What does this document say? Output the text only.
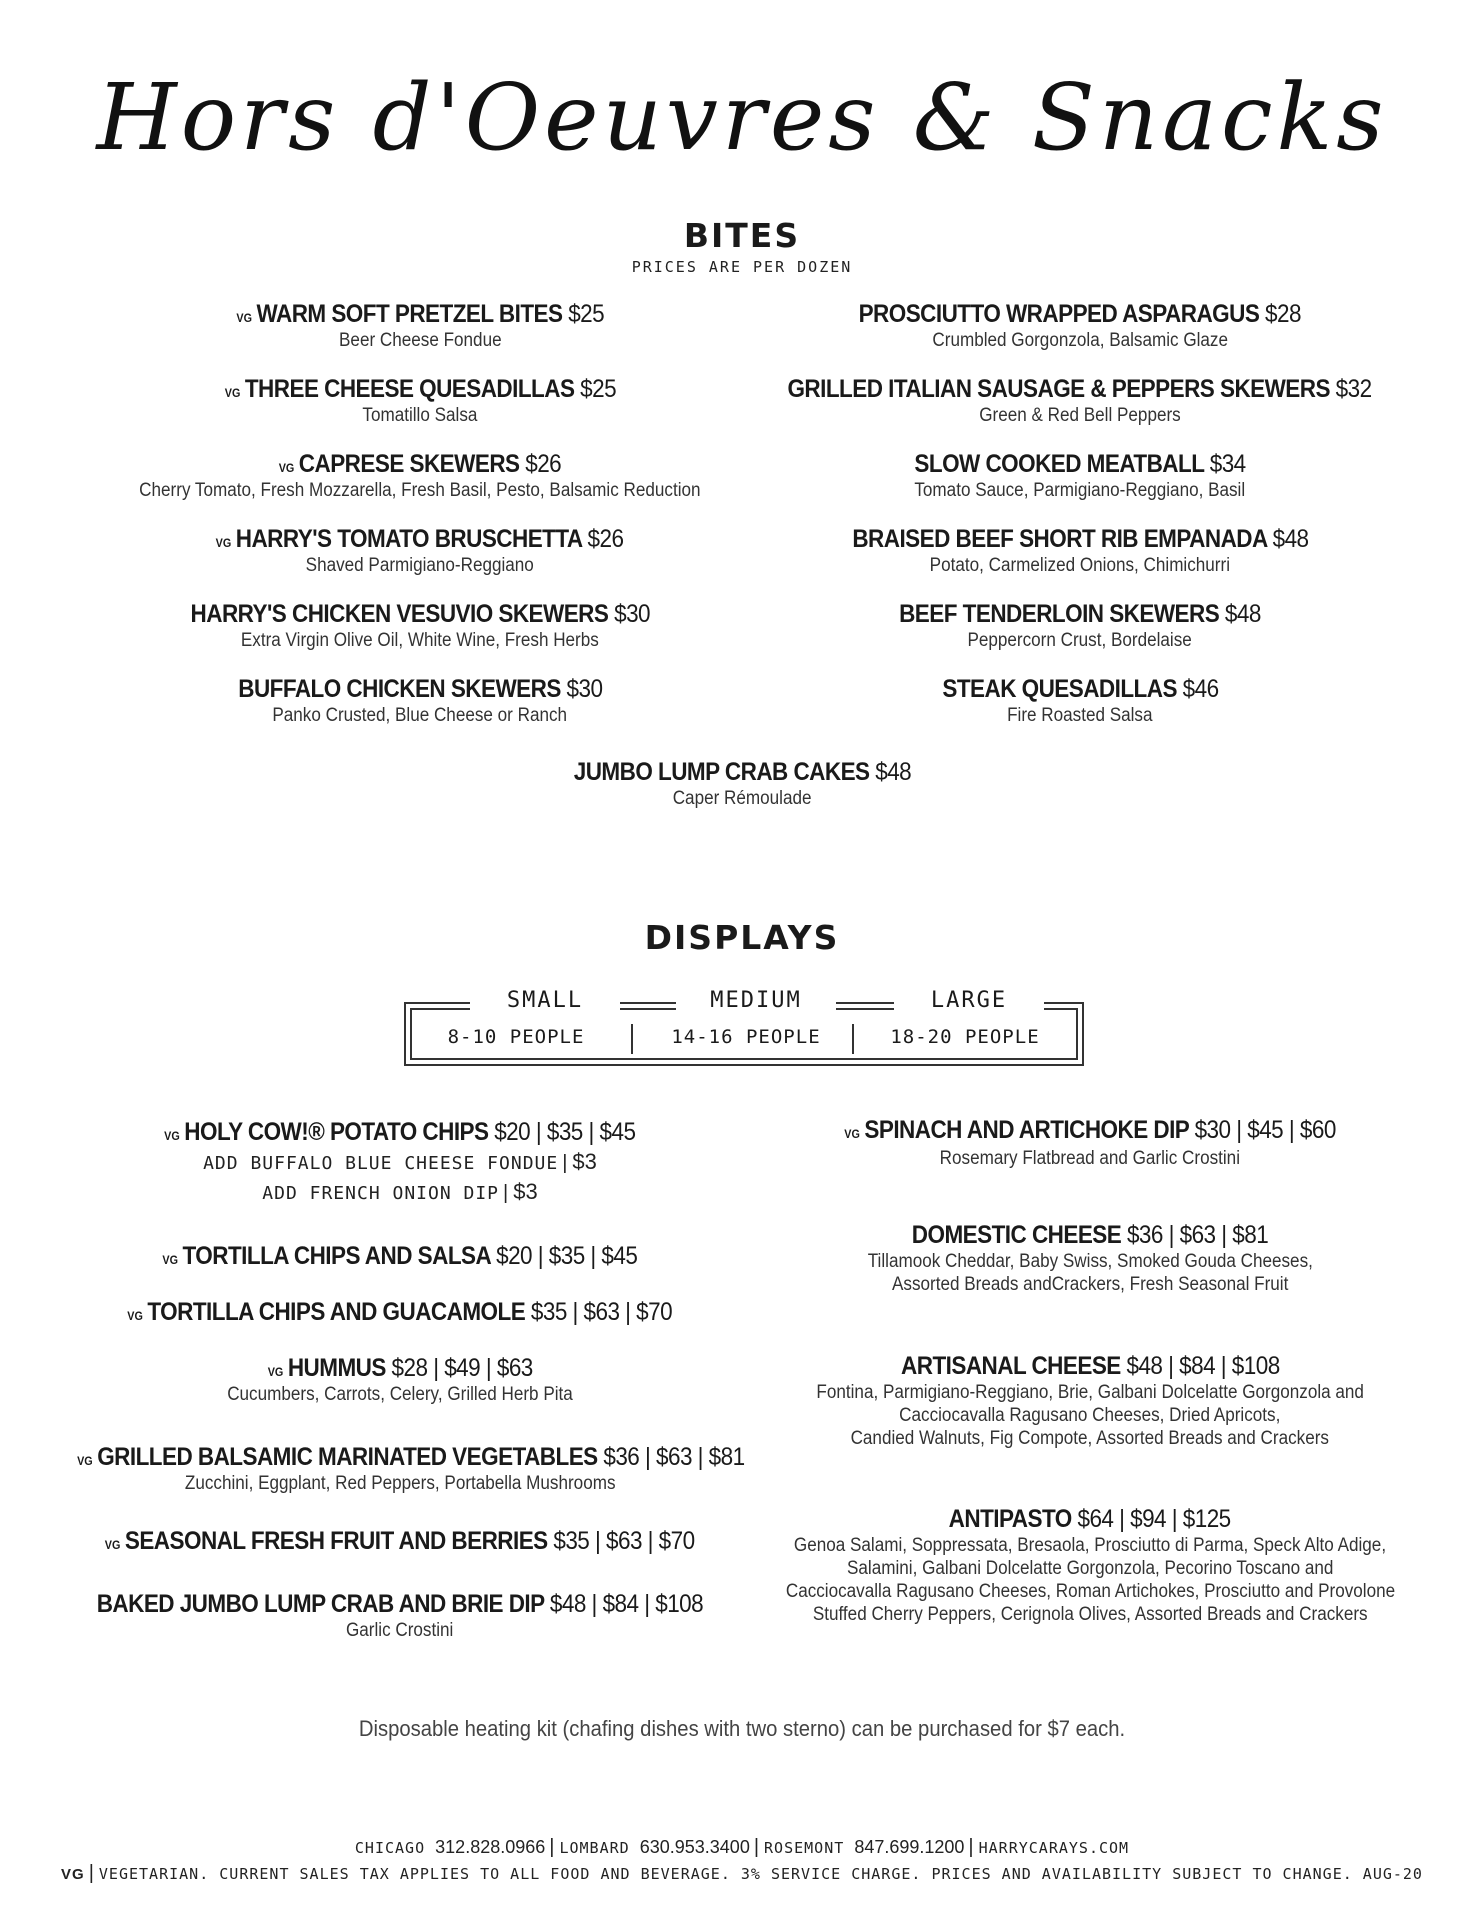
Hors d'Oeuvres & Snacks
BITES
PRICES ARE PER DOZEN
VG WARM SOFT PRETZEL BITES $25
Beer Cheese Fondue
VG THREE CHEESE QUESADILLAS $25
Tomatillo Salsa
VG CAPRESE SKEWERS $26
Cherry Tomato, Fresh Mozzarella, Fresh Basil, Pesto, Balsamic Reduction
VG HARRY'S TOMATO BRUSCHETTA $26
Shaved Parmigiano-Reggiano
HARRY'S CHICKEN VESUVIO SKEWERS $30
Extra Virgin Olive Oil, White Wine, Fresh Herbs
BUFFALO CHICKEN SKEWERS $30
Panko Crusted, Blue Cheese or Ranch
PROSCIUTTO WRAPPED ASPARAGUS $28
Crumbled Gorgonzola, Balsamic Glaze
GRILLED ITALIAN SAUSAGE & PEPPERS SKEWERS $32
Green & Red Bell Peppers
SLOW COOKED MEATBALL $34
Tomato Sauce, Parmigiano-Reggiano, Basil
BRAISED BEEF SHORT RIB EMPANADA $48
Potato, Carmelized Onions, Chimichurri
BEEF TENDERLOIN SKEWERS $48
Peppercorn Crust, Bordelaise
STEAK QUESADILLAS $46
Fire Roasted Salsa
JUMBO LUMP CRAB CAKES $48
Caper Rémoulade
DISPLAYS
SMALL	MEDIUM	LARGE
8-10 PEOPLE	14-16 PEOPLE	18-20 PEOPLE
VG HOLY COW!® POTATO CHIPS $20 | $35 | $45

ADD BUFFALO BLUE CHEESE FONDUE | $3
ADD FRENCH ONION DIP | $3
VG TORTILLA CHIPS AND SALSA $20 | $35 | $45
VG TORTILLA CHIPS AND GUACAMOLE $35 | $63 | $70
VG HUMMUS $28 | $49 | $63
Cucumbers, Carrots, Celery, Grilled Herb Pita
VG GRILLED BALSAMIC MARINATED VEGETABLES $36 | $63 | $81
Zucchini, Eggplant, Red Peppers, Portabella Mushrooms
VG SEASONAL FRESH FRUIT AND BERRIES $35 | $63 | $70
BAKED JUMBO LUMP CRAB AND BRIE DIP $48 | $84 | $108
Garlic Crostini
VG SPINACH AND ARTICHOKE DIP $30 | $45 | $60
Rosemary Flatbread and Garlic Crostini
DOMESTIC CHEESE $36 | $63 | $81
Tillamook Cheddar, Baby Swiss, Smoked Gouda Cheeses,
Assorted Breads andCrackers, Fresh Seasonal Fruit
ARTISANAL CHEESE $48 | $84 | $108
Fontina, Parmigiano-Reggiano, Brie, Galbani Dolcelatte Gorgonzola and
Cacciocavalla Ragusano Cheeses, Dried Apricots,
Candied Walnuts, Fig Compote, Assorted Breads and Crackers
ANTIPASTO $64 | $94 | $125
Genoa Salami, Soppressata, Bresaola, Prosciutto di Parma, Speck Alto Adige,
Salamini, Galbani Dolcelatte Gorgonzola, Pecorino Toscano and
Cacciocavalla Ragusano Cheeses, Roman Artichokes, Prosciutto and Provolone
Stuffed Cherry Peppers, Cerignola Olives, Assorted Breads and Crackers
Disposable heating kit (chafing dishes with two sterno) can be purchased for $7 each.
CHICAGO 312.828.0966 | LOMBARD 630.953.3400 | ROSEMONT 847.699.1200 | HARRYCARAYS.COM
VG | VEGETARIAN. CURRENT SALES TAX APPLIES TO ALL FOOD AND BEVERAGE. 3% SERVICE CHARGE. PRICES AND AVAILABILITY SUBJECT TO CHANGE. AUG-20
